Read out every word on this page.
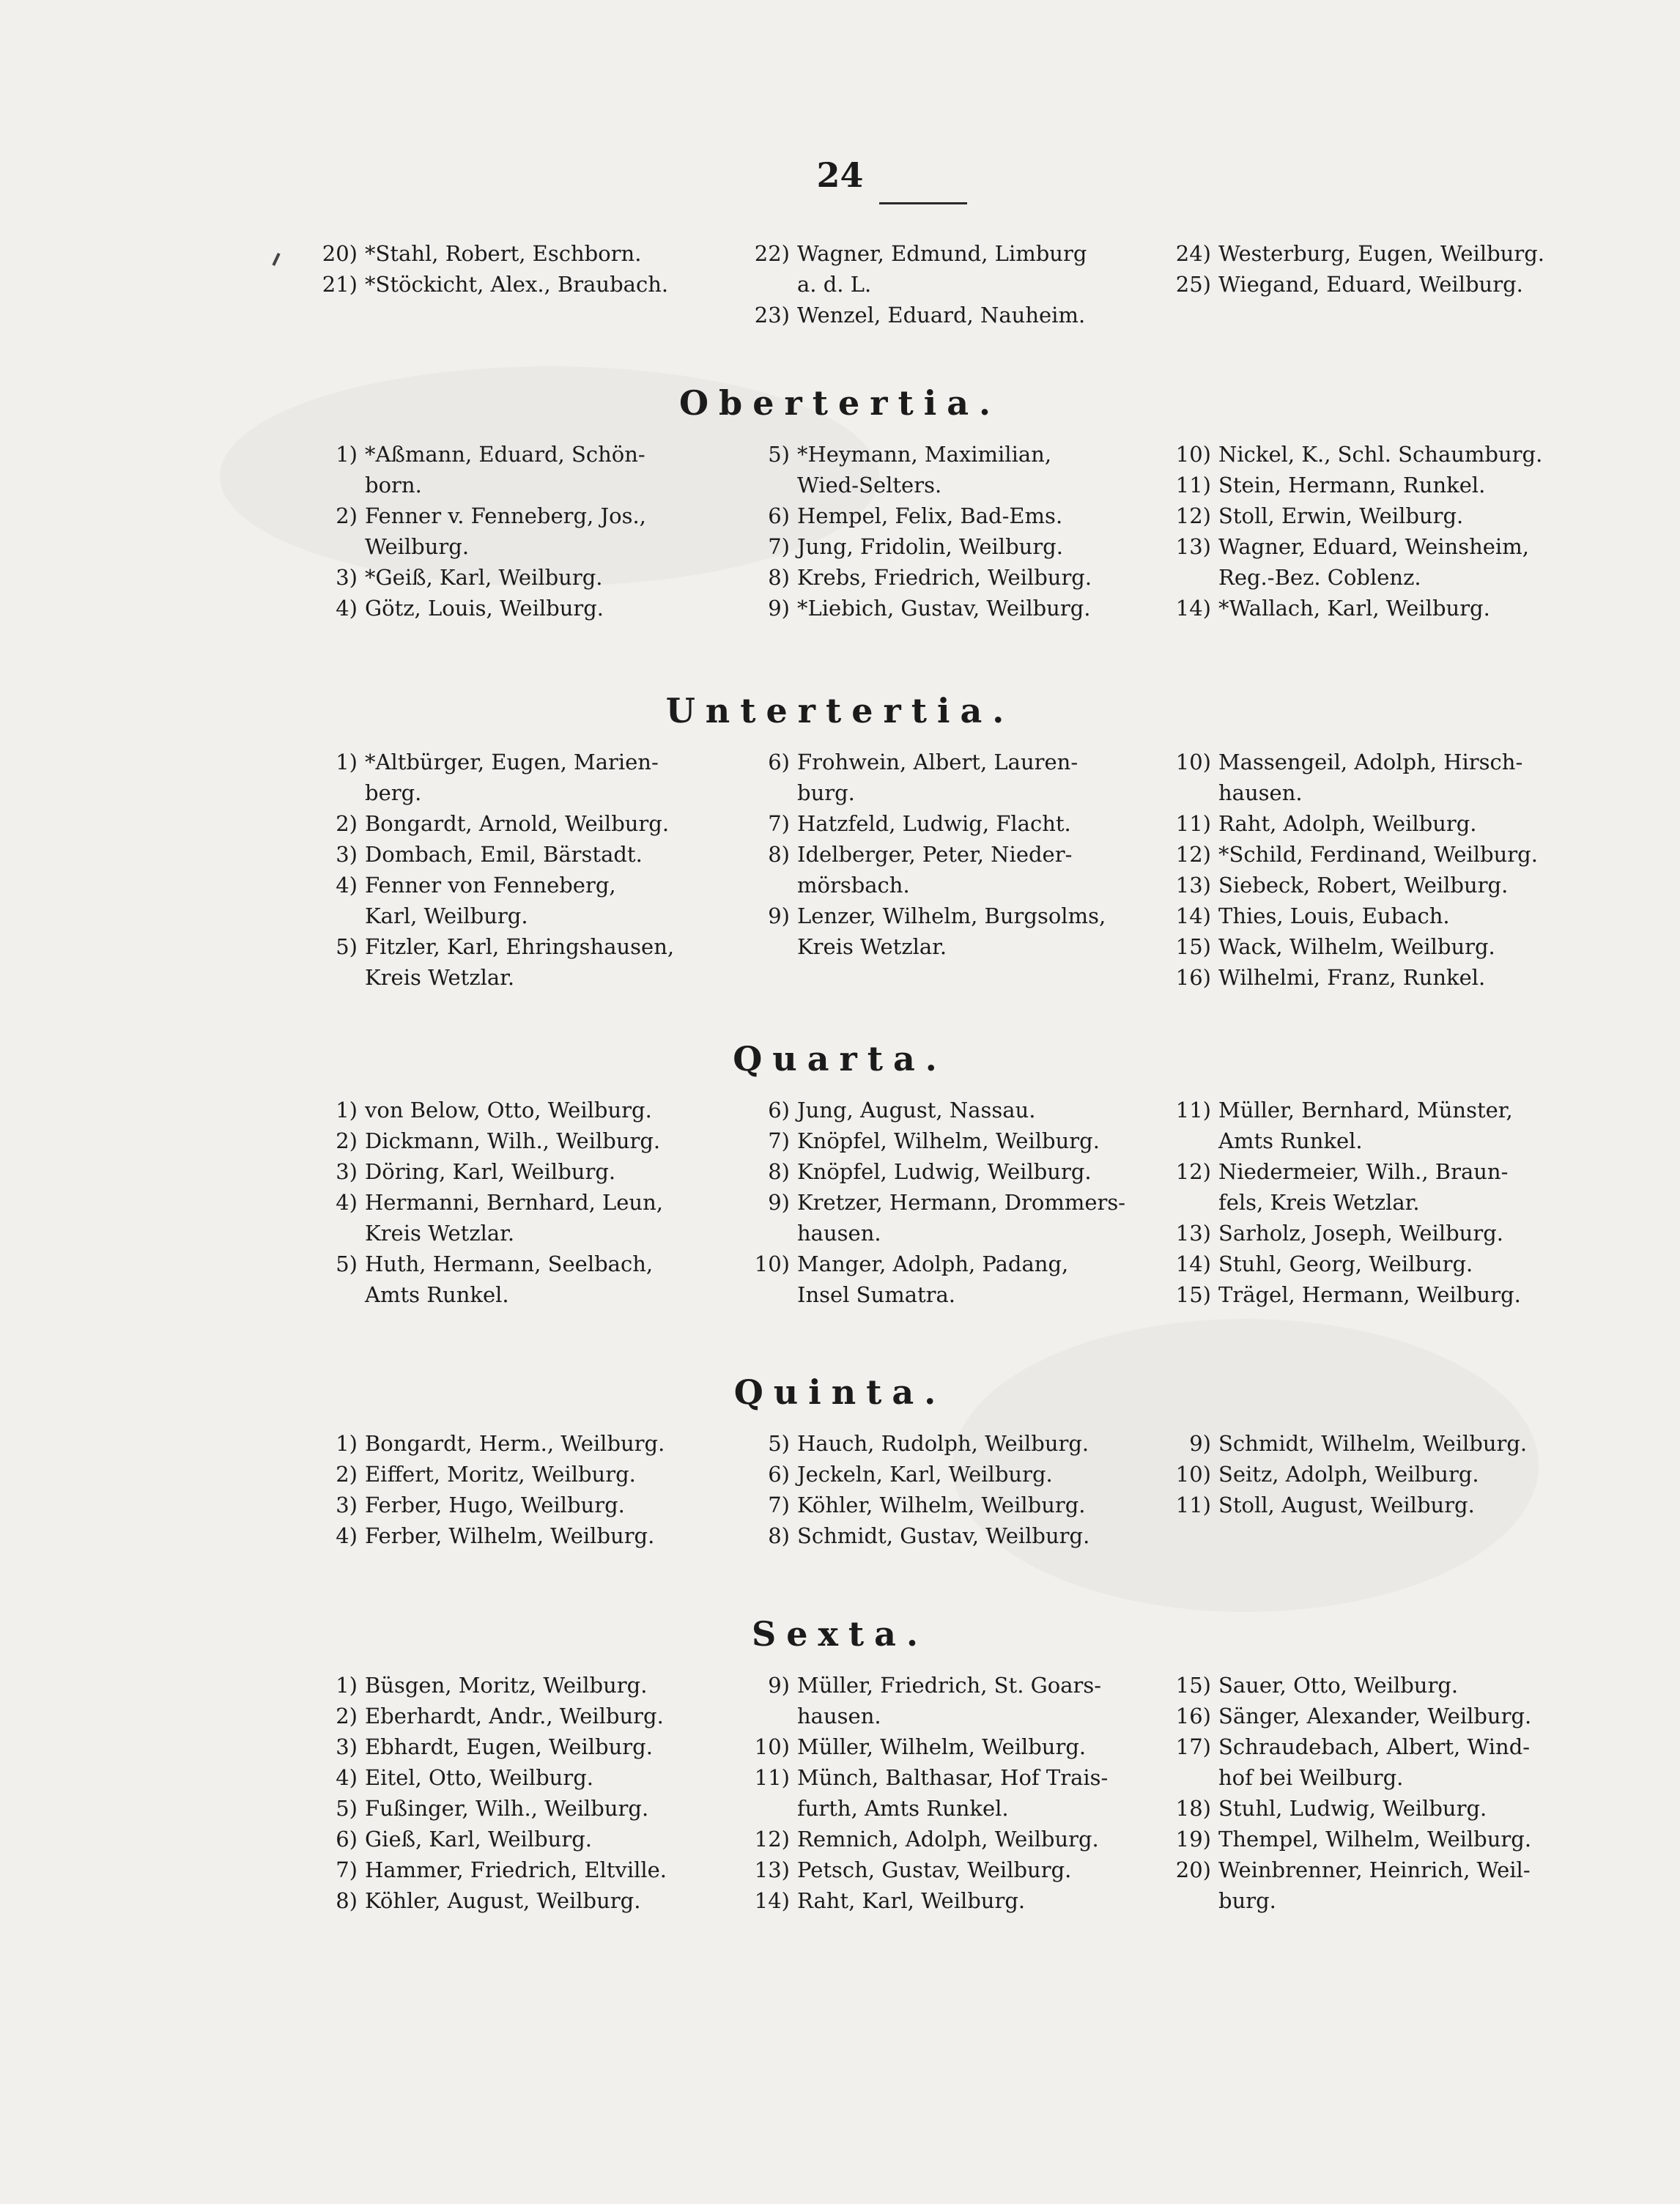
24
20) *Stahl, Robert, Eschborn.
21) *Stöckicht, Alex., Braubach.
22) Wagner, Edmund, Limburg
a. d. L.
23) Wenzel, Eduard, Nauheim.
24) Westerburg, Eugen, Weilburg.
25) Wiegand, Eduard, Weilburg.
Obertertia.
1) *Aßmann, Eduard, Schön-
born.
2) Fenner v. Fenneberg, Jos.,
Weilburg.
3) *Geiß, Karl, Weilburg.
4) Götz, Louis, Weilburg.
5) *Heymann, Maximilian,
Wied-Selters.
6) Hempel, Felix, Bad-Ems.
7) Jung, Fridolin, Weilburg.
8) Krebs, Friedrich, Weilburg.
9) *Liebich, Gustav, Weilburg.
10) Nickel, K., Schl. Schaumburg.
11) Stein, Hermann, Runkel.
12) Stoll, Erwin, Weilburg.
13) Wagner, Eduard, Weinsheim,
Reg.-Bez. Coblenz.
14) *Wallach, Karl, Weilburg.
Untertertia.
1) *Altbürger, Eugen, Marien-
berg.
2) Bongardt, Arnold, Weilburg.
3) Dombach, Emil, Bärstadt.
4) Fenner von Fenneberg,
Karl, Weilburg.
5) Fitzler, Karl, Ehringshausen,
Kreis Wetzlar.
6) Frohwein, Albert, Lauren-
burg.
7) Hatzfeld, Ludwig, Flacht.
8) Idelberger, Peter, Nieder-
mörsbach.
9) Lenzer, Wilhelm, Burgsolms,
Kreis Wetzlar.
10) Massengeil, Adolph, Hirsch-
hausen.
11) Raht, Adolph, Weilburg.
12) *Schild, Ferdinand, Weilburg.
13) Siebeck, Robert, Weilburg.
14) Thies, Louis, Eubach.
15) Wack, Wilhelm, Weilburg.
16) Wilhelmi, Franz, Runkel.
Quarta.
1) von Below, Otto, Weilburg.
2) Dickmann, Wilh., Weilburg.
3) Döring, Karl, Weilburg.
4) Hermanni, Bernhard, Leun,
Kreis Wetzlar.
5) Huth, Hermann, Seelbach,
Amts Runkel.
6) Jung, August, Nassau.
7) Knöpfel, Wilhelm, Weilburg.
8) Knöpfel, Ludwig, Weilburg.
9) Kretzer, Hermann, Drommers-
hausen.
10) Manger, Adolph, Padang,
Insel Sumatra.
11) Müller, Bernhard, Münster,
Amts Runkel.
12) Niedermeier, Wilh., Braun-
fels, Kreis Wetzlar.
13) Sarholz, Joseph, Weilburg.
14) Stuhl, Georg, Weilburg.
15) Trägel, Hermann, Weilburg.
Quinta.
1) Bongardt, Herm., Weilburg.
2) Eiffert, Moritz, Weilburg.
3) Ferber, Hugo, Weilburg.
4) Ferber, Wilhelm, Weilburg.
5) Hauch, Rudolph, Weilburg.
6) Jeckeln, Karl, Weilburg.
7) Köhler, Wilhelm, Weilburg.
8) Schmidt, Gustav, Weilburg.
9) Schmidt, Wilhelm, Weilburg.
10) Seitz, Adolph, Weilburg.
11) Stoll, August, Weilburg.
Sexta.
1) Büsgen, Moritz, Weilburg.
2) Eberhardt, Andr., Weilburg.
3) Ebhardt, Eugen, Weilburg.
4) Eitel, Otto, Weilburg.
5) Fußinger, Wilh., Weilburg.
6) Gieß, Karl, Weilburg.
7) Hammer, Friedrich, Eltville.
8) Köhler, August, Weilburg.
9) Müller, Friedrich, St. Goars-
hausen.
10) Müller, Wilhelm, Weilburg.
11) Münch, Balthasar, Hof Trais-
furth, Amts Runkel.
12) Remnich, Adolph, Weilburg.
13) Petsch, Gustav, Weilburg.
14) Raht, Karl, Weilburg.
15) Sauer, Otto, Weilburg.
16) Sänger, Alexander, Weilburg.
17) Schraudebach, Albert, Wind-
hof bei Weilburg.
18) Stuhl, Ludwig, Weilburg.
19) Thempel, Wilhelm, Weilburg.
20) Weinbrenner, Heinrich, Weil-
burg.
